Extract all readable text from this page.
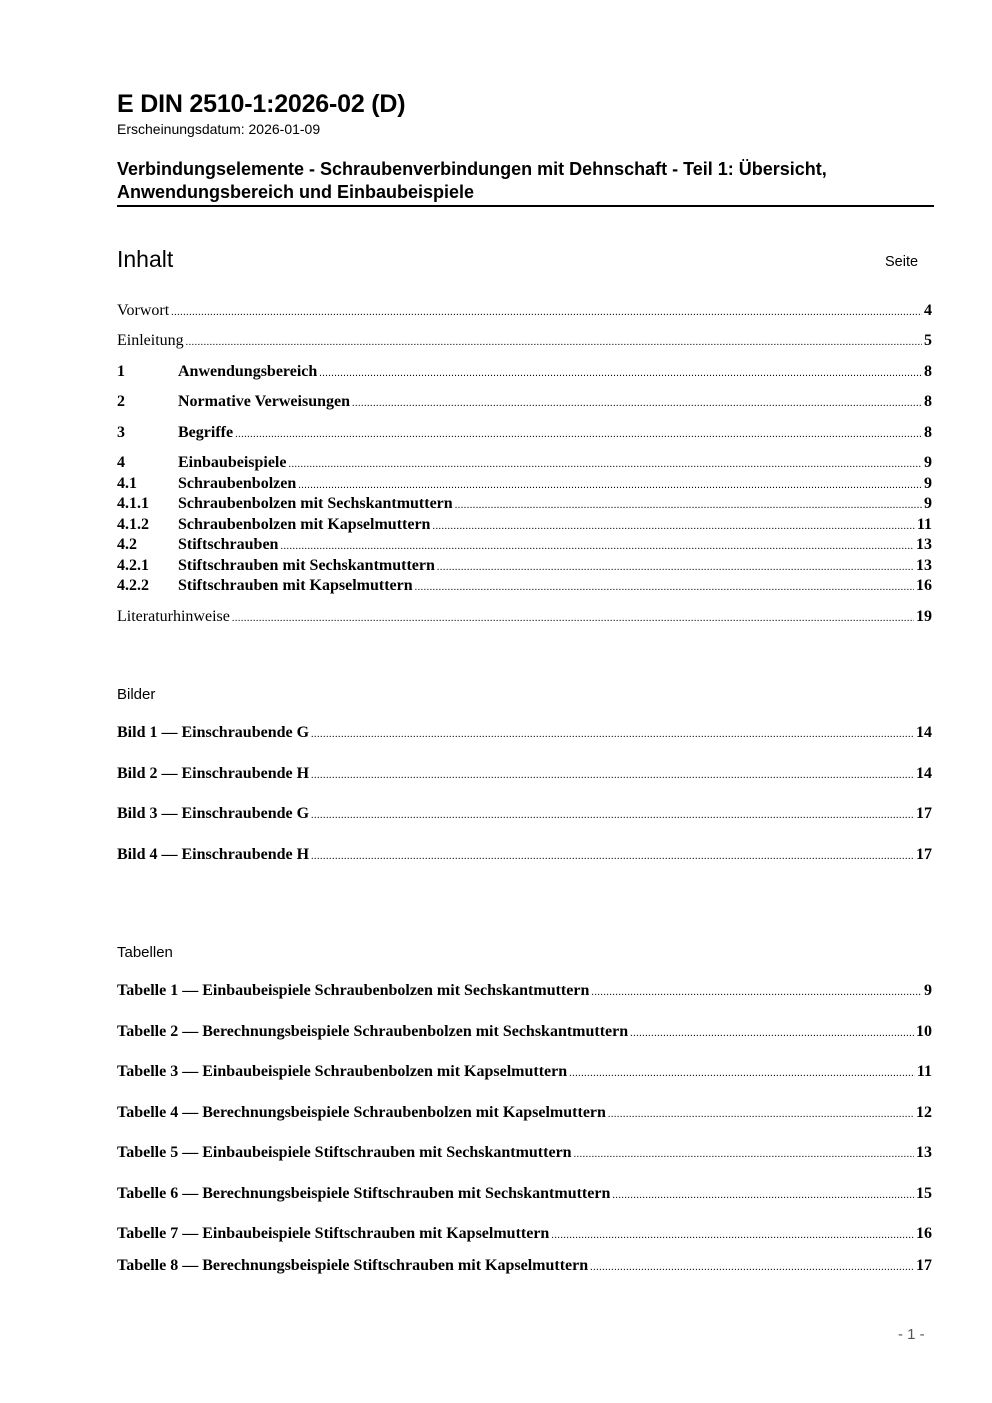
E DIN 2510-1:2026-02 (D)
Erscheinungsdatum: 2026-01-09
Verbindungselemente - Schraubenverbindungen mit Dehnschaft - Teil 1: Übersicht, Anwendungsbereich und Einbaubeispiele
Inhalt	Seite
Vorwort .....	4
Einleitung .....	5
1	Anwendungsbereich .....	8
2	Normative Verweisungen .....	8
3	Begriffe .....	8
4	Einbaubeispiele .....	9
4.1	Schraubenbolzen .....	9
4.1.1	Schraubenbolzen mit Sechskantmuttern .....	9
4.1.2	Schraubenbolzen mit Kapselmuttern .....	11
4.2	Stiftschrauben .....	13
4.2.1	Stiftschrauben mit Sechskantmuttern .....	13
4.2.2	Stiftschrauben mit Kapselmuttern .....	16
Literaturhinweise .....	19
Bilder
Bild 1 — Einschraubende G .....	14
Bild 2 — Einschraubende H .....	14
Bild 3 — Einschraubende G .....	17
Bild 4 — Einschraubende H .....	17
Tabellen
Tabelle 1 — Einbaubeispiele Schraubenbolzen mit Sechskantmuttern .....	9
Tabelle 2 — Berechnungsbeispiele Schraubenbolzen mit Sechskantmuttern .....	10
Tabelle 3 — Einbaubeispiele Schraubenbolzen mit Kapselmuttern .....	11
Tabelle 4 — Berechnungsbeispiele Schraubenbolzen mit Kapselmuttern .....	12
Tabelle 5 — Einbaubeispiele Stiftschrauben mit Sechskantmuttern .....	13
Tabelle 6 — Berechnungsbeispiele Stiftschrauben mit Sechskantmuttern .....	15
Tabelle 7 — Einbaubeispiele Stiftschrauben mit Kapselmuttern .....	16
Tabelle 8 — Berechnungsbeispiele Stiftschrauben mit Kapselmuttern .....	17
- 1 -
